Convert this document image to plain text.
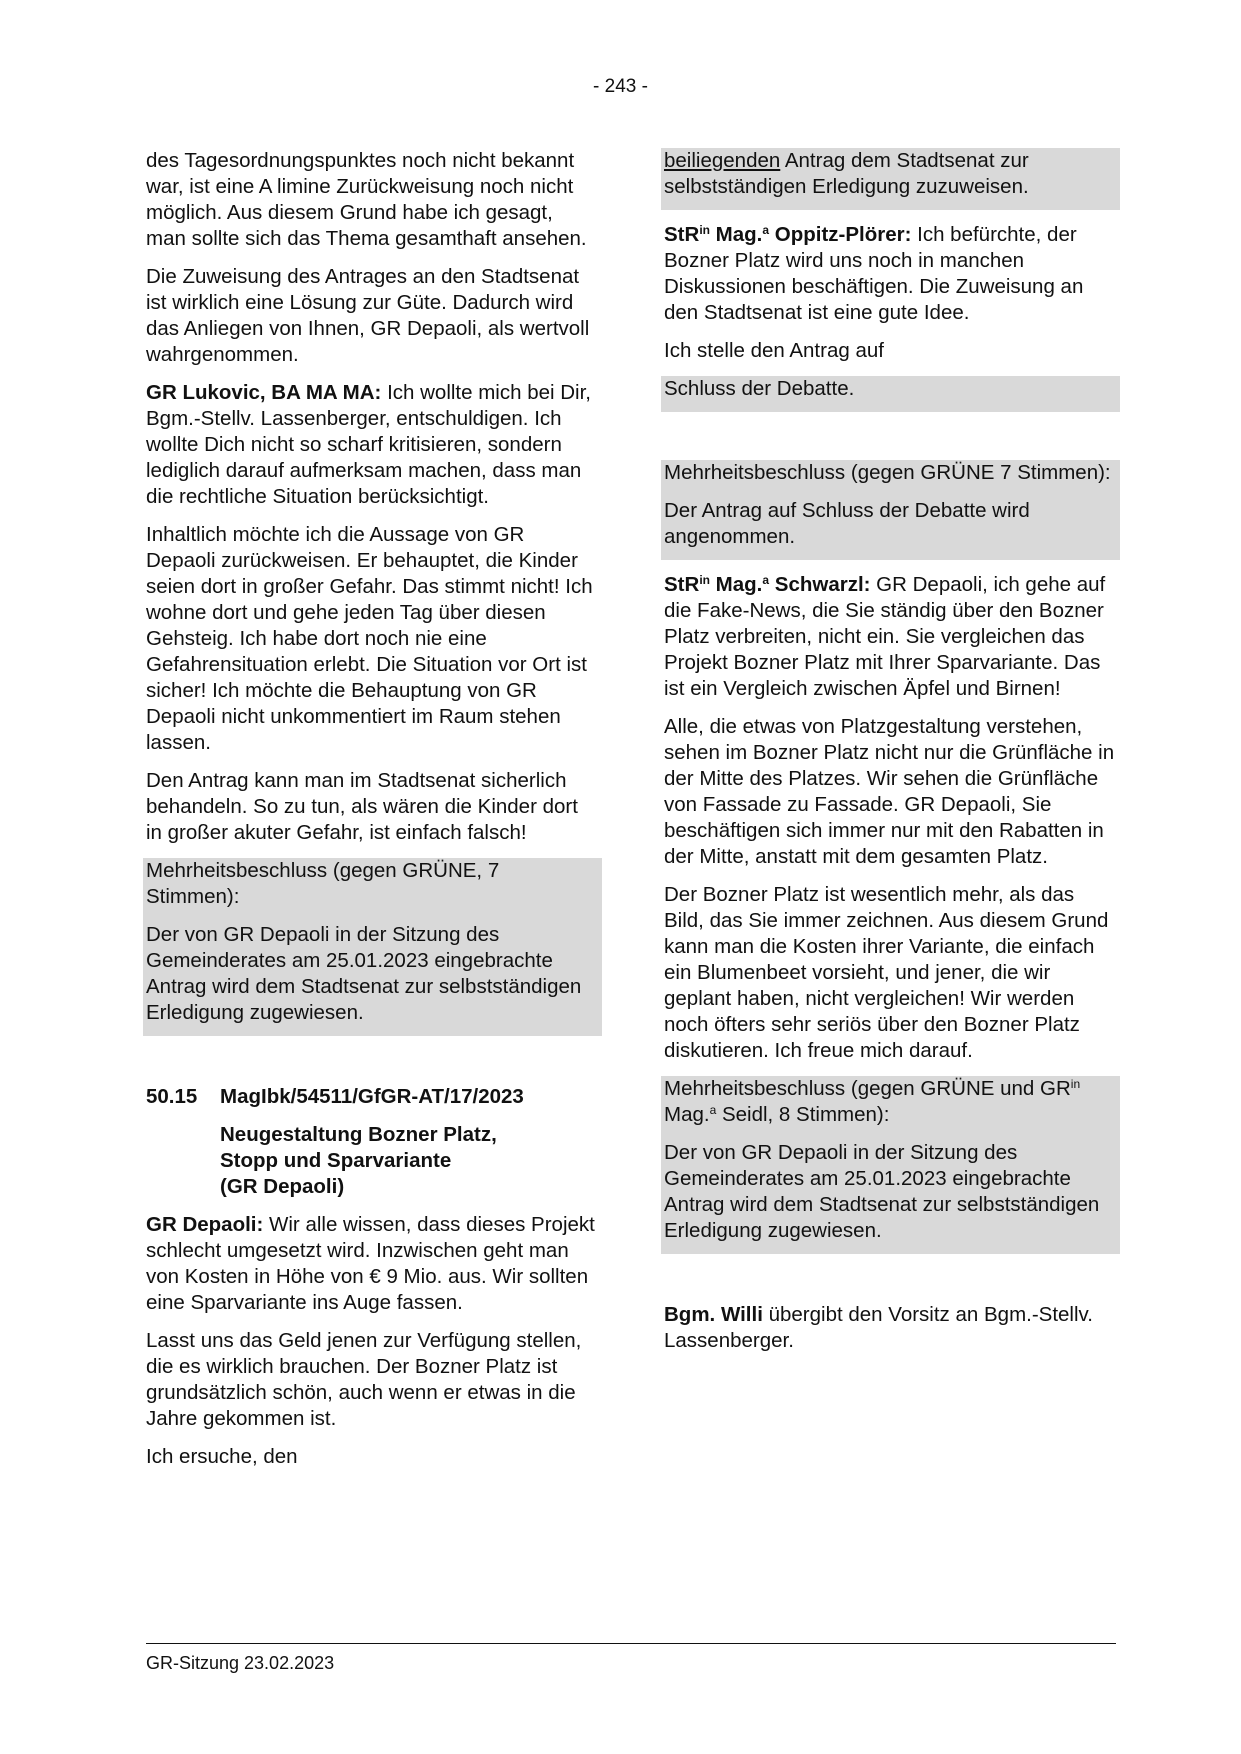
- 243 -

des Tagesordnungspunktes noch nicht bekannt war, ist eine A limine Zurückweisung noch nicht möglich. Aus diesem Grund habe ich gesagt, man sollte sich das Thema gesamthaft ansehen.

Die Zuweisung des Antrages an den Stadtsenat ist wirklich eine Lösung zur Güte. Dadurch wird das Anliegen von Ihnen, GR Depaoli, als wertvoll wahrgenommen.

GR Lukovic, BA MA MA: Ich wollte mich bei Dir, Bgm.-Stellv. Lassenberger, entschuldigen. Ich wollte Dich nicht so scharf kritisieren, sondern lediglich darauf aufmerksam machen, dass man die rechtliche Situation berücksichtigt.

Inhaltlich möchte ich die Aussage von GR Depaoli zurückweisen. Er behauptet, die Kinder seien dort in großer Gefahr. Das stimmt nicht! Ich wohne dort und gehe jeden Tag über diesen Gehsteig. Ich habe dort noch nie eine Gefahrensituation erlebt. Die Situation vor Ort ist sicher! Ich möchte die Behauptung von GR Depaoli nicht unkommentiert im Raum stehen lassen.

Den Antrag kann man im Stadtsenat sicherlich behandeln. So zu tun, als wären die Kinder dort in großer akuter Gefahr, ist einfach falsch!

Mehrheitsbeschluss (gegen GRÜNE, 7 Stimmen):

Der von GR Depaoli in der Sitzung des Gemeinderates am 25.01.2023 eingebrachte Antrag wird dem Stadtsenat zur selbstständigen Erledigung zugewiesen.

50.15	MagIbk/54511/GfGR-AT/17/2023
Neugestaltung Bozner Platz,
Stopp und Sparvariante
(GR Depaoli)

GR Depaoli: Wir alle wissen, dass dieses Projekt schlecht umgesetzt wird. Inzwischen geht man von Kosten in Höhe von € 9 Mio. aus. Wir sollten eine Sparvariante ins Auge fassen.

Lasst uns das Geld jenen zur Verfügung stellen, die es wirklich brauchen. Der Bozner Platz ist grundsätzlich schön, auch wenn er etwas in die Jahre gekommen ist.

Ich ersuche, den

beiliegenden Antrag dem Stadtsenat zur selbstständigen Erledigung zuzuweisen.

StR$^{in}$ Mag.$^a$ Oppitz-Plörer: Ich befürchte, der Bozner Platz wird uns noch in manchen Diskussionen beschäftigen. Die Zuweisung an den Stadtsenat ist eine gute Idee.

Ich stelle den Antrag auf

Schluss der Debatte.

Mehrheitsbeschluss (gegen GRÜNE 7 Stimmen):

Der Antrag auf Schluss der Debatte wird angenommen.

StR$^{in}$ Mag.$^a$ Schwarzl: GR Depaoli, ich gehe auf die Fake-News, die Sie ständig über den Bozner Platz verbreiten, nicht ein. Sie vergleichen das Projekt Bozner Platz mit Ihrer Sparvariante. Das ist ein Vergleich zwischen Äpfel und Birnen!

Alle, die etwas von Platzgestaltung verstehen, sehen im Bozner Platz nicht nur die Grünfläche in der Mitte des Platzes. Wir sehen die Grünfläche von Fassade zu Fassade. GR Depaoli, Sie beschäftigen sich immer nur mit den Rabatten in der Mitte, anstatt mit dem gesamten Platz.

Der Bozner Platz ist wesentlich mehr, als das Bild, das Sie immer zeichnen. Aus diesem Grund kann man die Kosten ihrer Variante, die einfach ein Blumenbeet vorsieht, und jener, die wir geplant haben, nicht vergleichen! Wir werden noch öfters sehr seriös über den Bozner Platz diskutieren. Ich freue mich darauf.

Mehrheitsbeschluss (gegen GRÜNE und $GR^{in}$ Mag.$^a$ Seidl, 8 Stimmen):

Der von GR Depaoli in der Sitzung des Gemeinderates am 25.01.2023 eingebrachte Antrag wird dem Stadtsenat zur selbstständigen Erledigung zugewiesen.

Bgm. Willi übergibt den Vorsitz an Bgm.-Stellv. Lassenberger.

GR-Sitzung 23.02.2023
